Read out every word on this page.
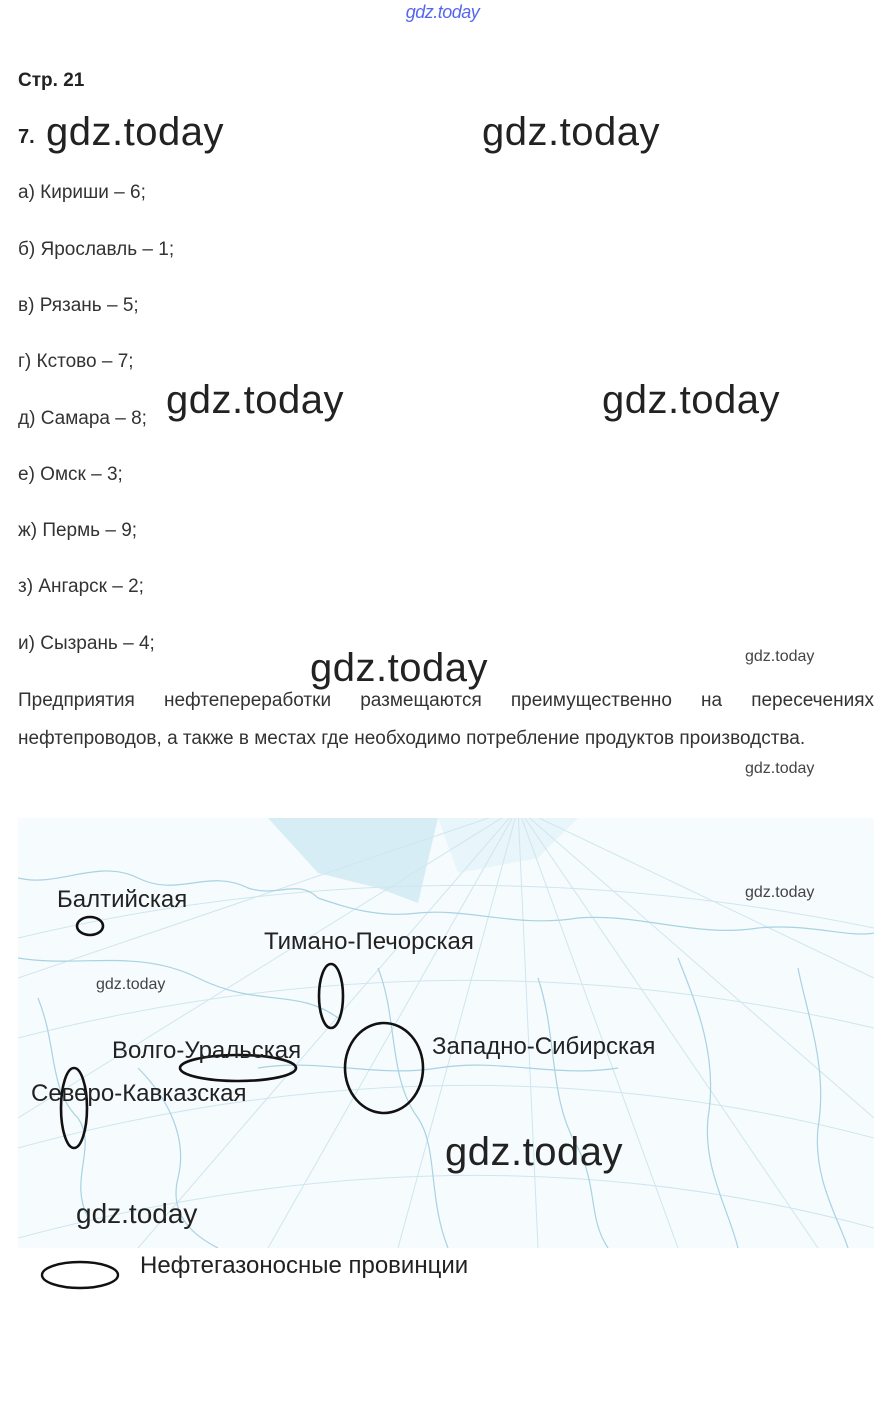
gdz.today
Стр. 21
7. gdz.today	gdz.today
gdz.today	gdz.today
gdz.today	gdz.today
gdz.today
а) Кириши – 6;
б) Ярославль – 1;
в) Рязань – 5;
г) Кстово – 7;
д) Самара – 8;
е) Омск – 3;
ж) Пермь – 9;
з) Ангарск – 2;
и) Сызрань – 4;
Предприятия нефтепереработки размещаются преимущественно на пересечениях нефтепроводов, а также в местах где необходимо потребление продуктов производства.
Балтийская
Тимано-Печорская
Волго-Уральская	Западно-Сибирская
Северо-Кавказская
gdz.today
gdz.today
gdz.today
gdz.today
Нефтегазоносные провинции
